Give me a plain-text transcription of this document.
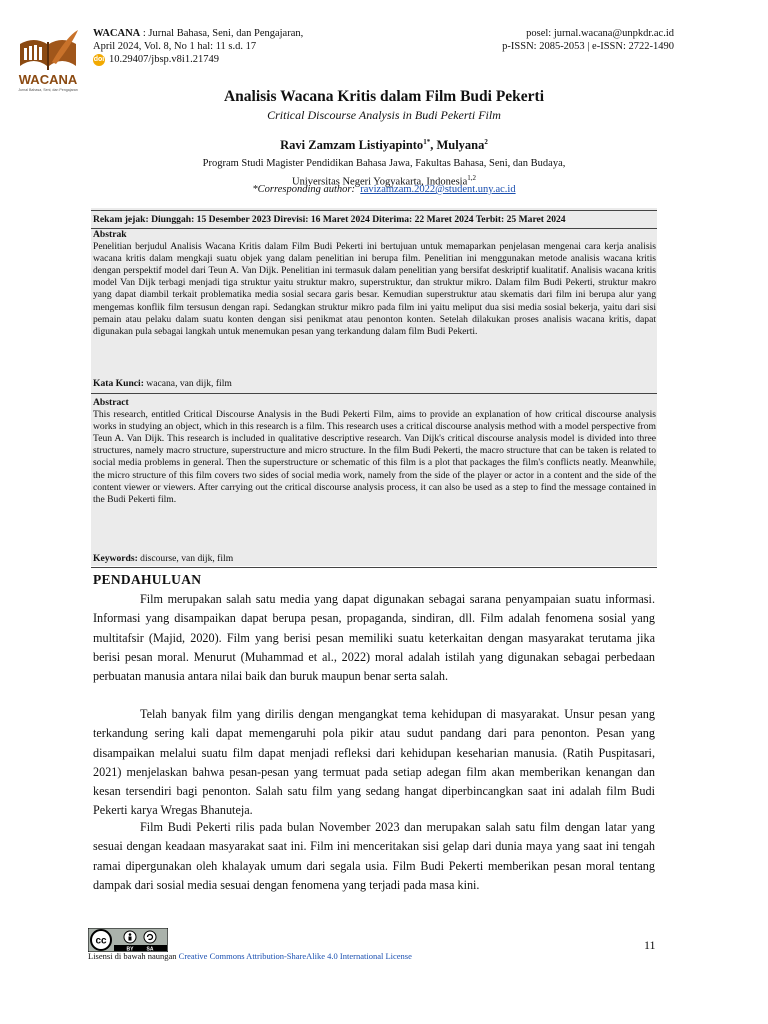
WACANA
Jurnal Bahasa, Seni, dan Pengajaran
WACANA : Jurnal Bahasa, Seni, dan Pengajaran,
April 2024, Vol. 8, No 1 hal: 11 s.d. 17
doi 10.29407/jbsp.v8i1.21749
posel: jurnal.wacana@unpkdr.ac.id
p-ISSN: 2085-2053 | e-ISSN: 2722-1490
Analisis Wacana Kritis dalam Film Budi Pekerti
Critical Discourse Analysis in Budi Pekerti Film
Ravi Zamzam Listiyapinto$^{1*}$, Mulyana$^2$
Program Studi Magister Pendidikan Bahasa Jawa, Fakultas Bahasa, Seni, dan Budaya,
Universitas Negeri Yogyakarta, Indonesia$^{1,2}$
*Corresponding author: ravizamzam.2022@student.uny.ac.id
Rekam jejak: Diunggah: 15 Desember 2023 Direvisi: 16 Maret 2024 Diterima: 22 Maret 2024 Terbit: 25 Maret 2024
Abstrak
Penelitian berjudul Analisis Wacana Kritis dalam Film Budi Pekerti ini bertujuan untuk memaparkan penjelasan mengenai cara kerja analisis wacana kritis dalam mengkaji suatu objek yang dalam penelitian ini berupa film. Penelitian ini menggunakan metode analisis wacana kritis dengan perspektif model dari Teun A. Van Dijk. Penelitian ini termasuk dalam penelitian yang bersifat deskriptif kualitatif. Analisis wacana kritis model Van Dijk terbagi menjadi tiga struktur yaitu struktur makro, superstruktur, dan struktur mikro. Dalam film Budi Pekerti, struktur makro yang dapat diambil terkait problematika media sosial secara garis besar. Kemudian superstruktur atau skematis dari film ini berupa alur yang mengemas konflik film tersusun dengan rapi. Sedangkan struktur mikro pada film ini yaitu meliput dua sisi media sosial bekerja, yaitu dari sisi pemain atau pelaku dalam suatu konten dengan sisi penikmat atau penonton konten. Setelah dilakukan proses analisis wacana kritis, dapat digunakan pula sebagai langkah untuk menemukan pesan yang terkandung dalam film Budi Pekerti.
Kata Kunci: wacana, van dijk, film
Abstract
This research, entitled Critical Discourse Analysis in the Budi Pekerti Film, aims to provide an explanation of how critical discourse analysis works in studying an object, which in this research is a film. This research uses a critical discourse analysis method with a model perspective from Teun A. Van Dijk. This research is included in qualitative descriptive research. Van Dijk's critical discourse analysis model is divided into three structures, namely macro structure, superstructure and micro structure. In the film Budi Pekerti, the macro structure that can be taken is related to social media problems in general. Then the superstructure or schematic of this film is a plot that packages the film's conflicts neatly. Meanwhile, the micro structure of this film covers two sides of social media work, namely from the side of the player or actor in a content and the side of the content viewer or viewers. After carrying out the critical discourse analysis process, it can also be used as a step to find the message contained in the Budi Pekerti film.
Keywords: discourse, van dijk, film
PENDAHULUAN
Film merupakan salah satu media yang dapat digunakan sebagai sarana penyampaian suatu informasi. Informasi yang disampaikan dapat berupa pesan, propaganda, sindiran, dll. Film adalah fenomena sosial yang multitafsir (Majid, 2020). Film yang berisi pesan memiliki suatu keterkaitan dengan masyarakat terutama jika berisi pesan moral. Menurut (Muhammad et al., 2022) moral adalah istilah yang digunakan sebagai perbedaan perbuatan manusia antara nilai baik dan buruk maupun benar serta salah.
Telah banyak film yang dirilis dengan mengangkat tema kehidupan di masyarakat. Unsur pesan yang terkandung sering kali dapat memengaruhi pola pikir atau sudut pandang dari para penonton. Pesan yang disampaikan melalui suatu film dapat menjadi refleksi dari kehidupan keseharian manusia. (Ratih Puspitasari, 2021) menjelaskan bahwa pesan-pesan yang termuat pada setiap adegan film akan memberikan kenangan dan kesan tersendiri bagi penonton. Salah satu film yang sedang hangat diperbincangkan saat ini adalah film Budi Pekerti karya Wregas Bhanuteja.
Film Budi Pekerti rilis pada bulan November 2023 dan merupakan salah satu film dengan latar yang sesuai dengan keadaan masyarakat saat ini. Film ini menceritakan sisi gelap dari dunia maya yang saat ini tengah ramai dipergunakan oleh khalayak umum dari segala usia. Film Budi Pekerti memberikan pesan moral tentang dampak dari sosial media sesuai dengan fenomena yang terjadi pada masa kini.
cc
BY	SA
Lisensi di bawah naungan Creative Commons Attribution-ShareAlike 4.0 International License
11
